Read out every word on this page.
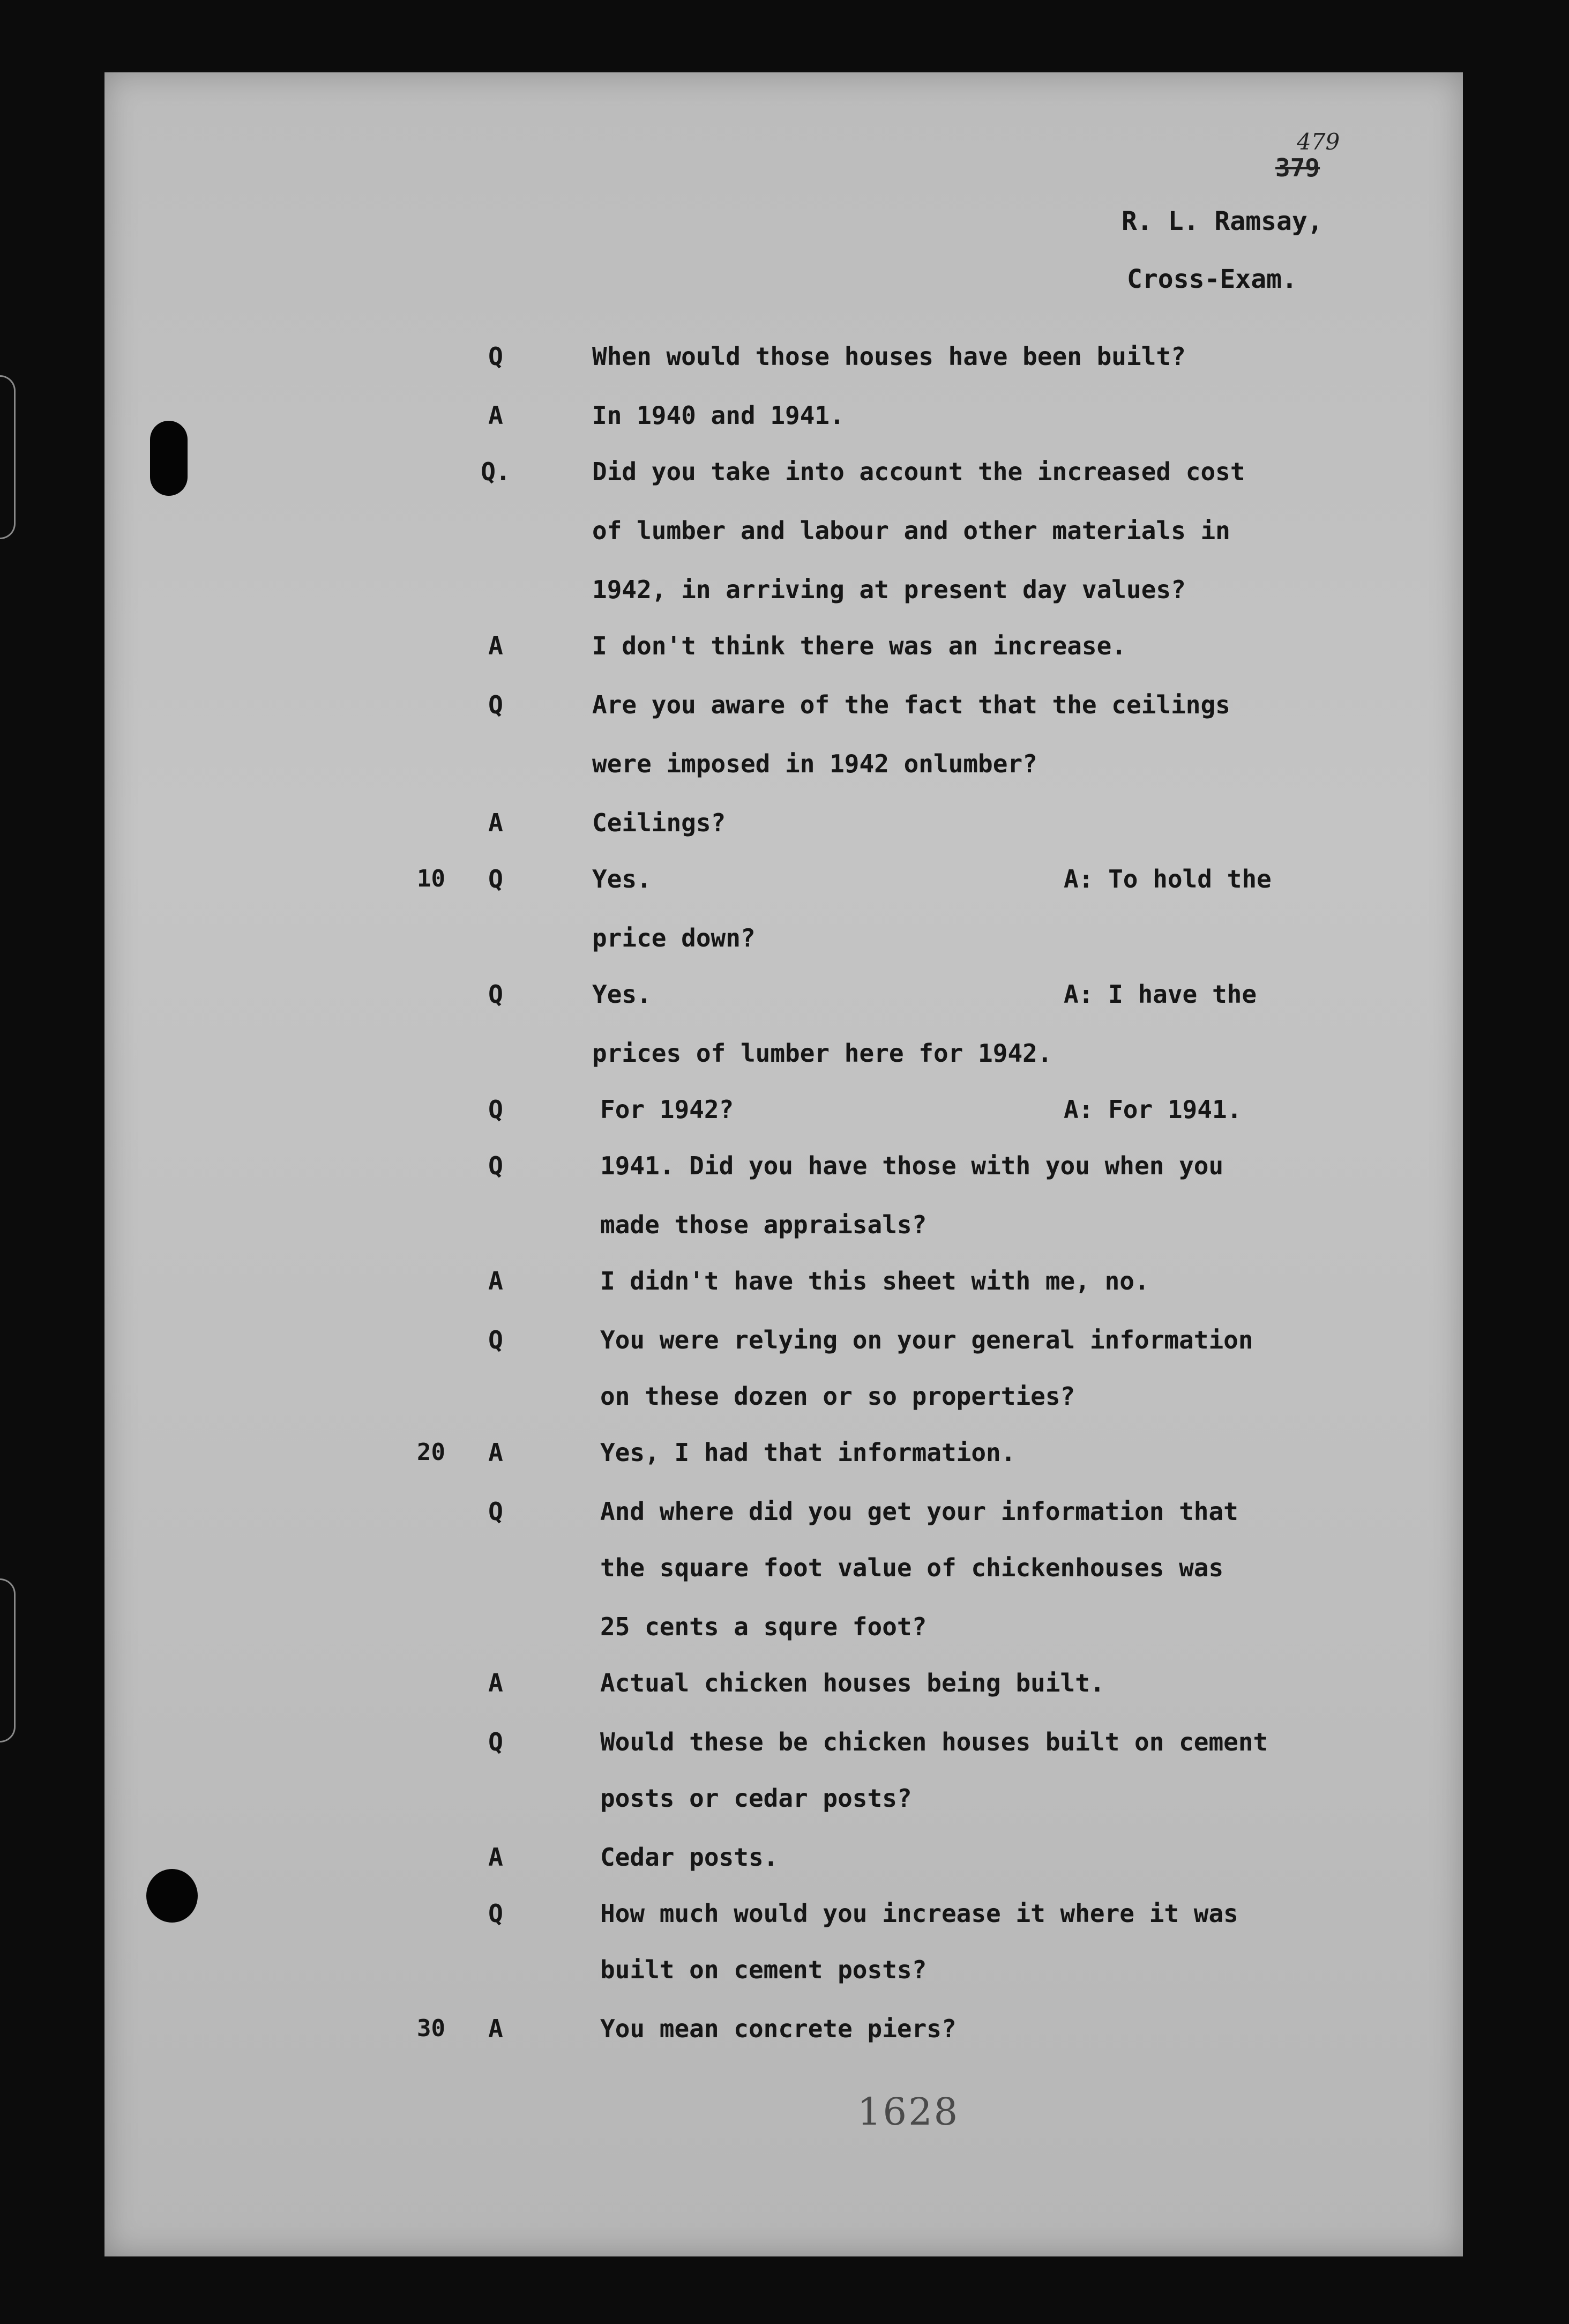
479
379
R. L. Ramsay,
Cross-Exam.
Q	When would those houses have been built?
A	In 1940 and 1941.
Q.	Did you take into account the increased cost
of lumber and labour and other materials in
1942, in arriving at present day values?
A	I don't think there was an increase.
Q	Are you aware of the fact that the ceilings
were imposed in 1942 onlumber?
A	Ceilings?
10	Q	Yes.	A: To hold the
price down?
Q	Yes.	A: I have the
prices of lumber here for 1942.
Q	For 1942?	A: For 1941.
Q	1941. Did you have those with you when you
made those appraisals?
A	I didn't have this sheet with me, no.
Q	You were relying on your general information
on these dozen or so properties?
20	A	Yes, I had that information.
Q	And where did you get your information that
the square foot value of chickenhouses was
25 cents a squre foot?
A	Actual chicken houses being built.
Q	Would these be chicken houses built on cement
posts or cedar posts?
A	Cedar posts.
Q	How much would you increase it where it was
built on cement posts?
30	A	You mean concrete piers?
1628
